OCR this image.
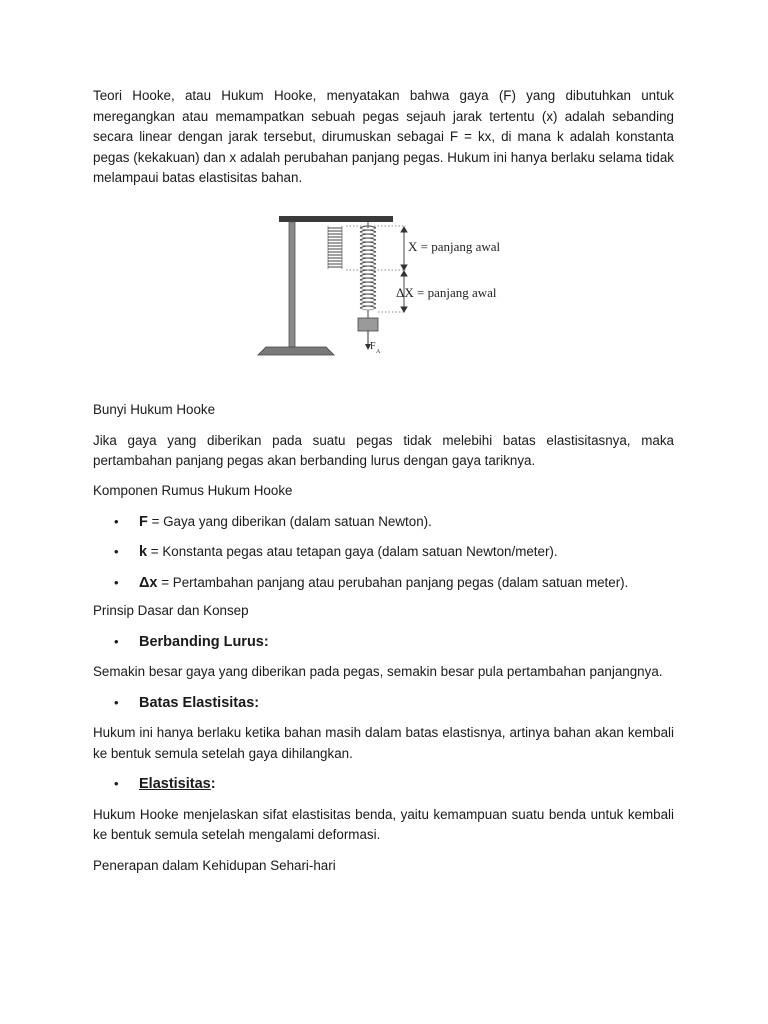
Teori Hooke, atau Hukum Hooke, menyatakan bahwa gaya (F) yang dibutuhkan untuk meregangkan atau memampatkan sebuah pegas sejauh jarak tertentu (x) adalah sebanding secara linear dengan jarak tersebut, dirumuskan sebagai F = kx, di mana k adalah konstanta pegas (kekakuan) dan x adalah perubahan panjang pegas. Hukum ini hanya berlaku selama tidak melampaui batas elastisitas bahan.

X = panjang awal
ΔX = panjang awal
F A

Bunyi Hukum Hooke

Jika gaya yang diberikan pada suatu pegas tidak melebihi batas elastisitasnya, maka pertambahan panjang pegas akan berbanding lurus dengan gaya tariknya.

Komponen Rumus Hukum Hooke

• F = Gaya yang diberikan (dalam satuan Newton).
• k = Konstanta pegas atau tetapan gaya (dalam satuan Newton/meter).
• Δx = Pertambahan panjang atau perubahan panjang pegas (dalam satuan meter).

Prinsip Dasar dan Konsep

• Berbanding Lurus:

Semakin besar gaya yang diberikan pada pegas, semakin besar pula pertambahan panjangnya.

• Batas Elastisitas:

Hukum ini hanya berlaku ketika bahan masih dalam batas elastisnya, artinya bahan akan kembali ke bentuk semula setelah gaya dihilangkan.

• Elastisitas:

Hukum Hooke menjelaskan sifat elastisitas benda, yaitu kemampuan suatu benda untuk kembali ke bentuk semula setelah mengalami deformasi.

Penerapan dalam Kehidupan Sehari-hari
